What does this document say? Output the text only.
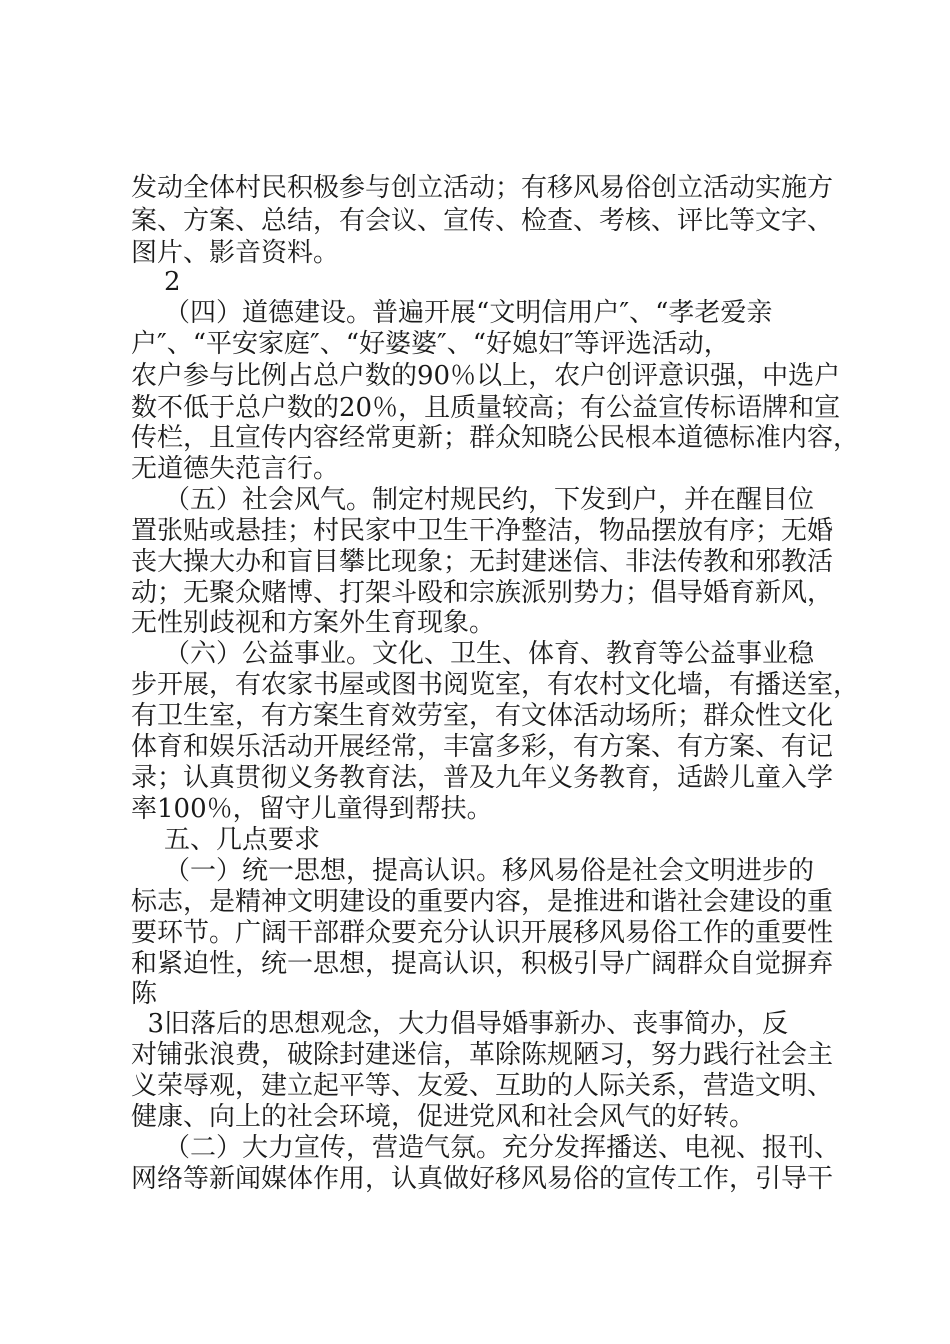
发动全体村民积极参与创立活动；有移风易俗创立活动实施方
案、方案、总结，有会议、宣传、检查、考核、评比等文字、
图片、影音资料。
2
（四）道德建设。普遍开展“文明信用户″、“孝老爱亲
户″、“平安家庭″、“好婆婆″、“好媳妇″等评选活动，
农户参与比例占总户数的90％以上，农户创评意识强，中选户
数不低于总户数的20％，且质量较高；有公益宣传标语牌和宣
传栏，且宣传内容经常更新；群众知晓公民根本道德标准内容，
无道德失范言行。
（五）社会风气。制定村规民约，下发到户，并在醒目位
置张贴或悬挂；村民家中卫生干净整洁，物品摆放有序；无婚
丧大操大办和盲目攀比现象；无封建迷信、非法传教和邪教活
动；无聚众赌博、打架斗殴和宗族派别势力；倡导婚育新风，
无性别歧视和方案外生育现象。
（六）公益事业。文化、卫生、体育、教育等公益事业稳
步开展，有农家书屋或图书阅览室，有农村文化墙，有播送室，
有卫生室，有方案生育效劳室，有文体活动场所；群众性文化
体育和娱乐活动开展经常，丰富多彩，有方案、有方案、有记
录；认真贯彻义务教育法，普及九年义务教育，适龄儿童入学
率100％，留守儿童得到帮扶。
五、几点要求
（一）统一思想，提高认识。移风易俗是社会文明进步的
标志，是精神文明建设的重要内容，是推进和谐社会建设的重
要环节。广阔干部群众要充分认识开展移风易俗工作的重要性
和紧迫性，统一思想，提高认识，积极引导广阔群众自觉摒弃
陈
3旧落后的思想观念，大力倡导婚事新办、丧事简办，反
对铺张浪费，破除封建迷信，革除陈规陋习，努力践行社会主
义荣辱观，建立起平等、友爱、互助的人际关系，营造文明、
健康、向上的社会环境，促进党风和社会风气的好转。
（二）大力宣传，营造气氛。充分发挥播送、电视、报刊、
网络等新闻媒体作用，认真做好移风易俗的宣传工作，引导干
